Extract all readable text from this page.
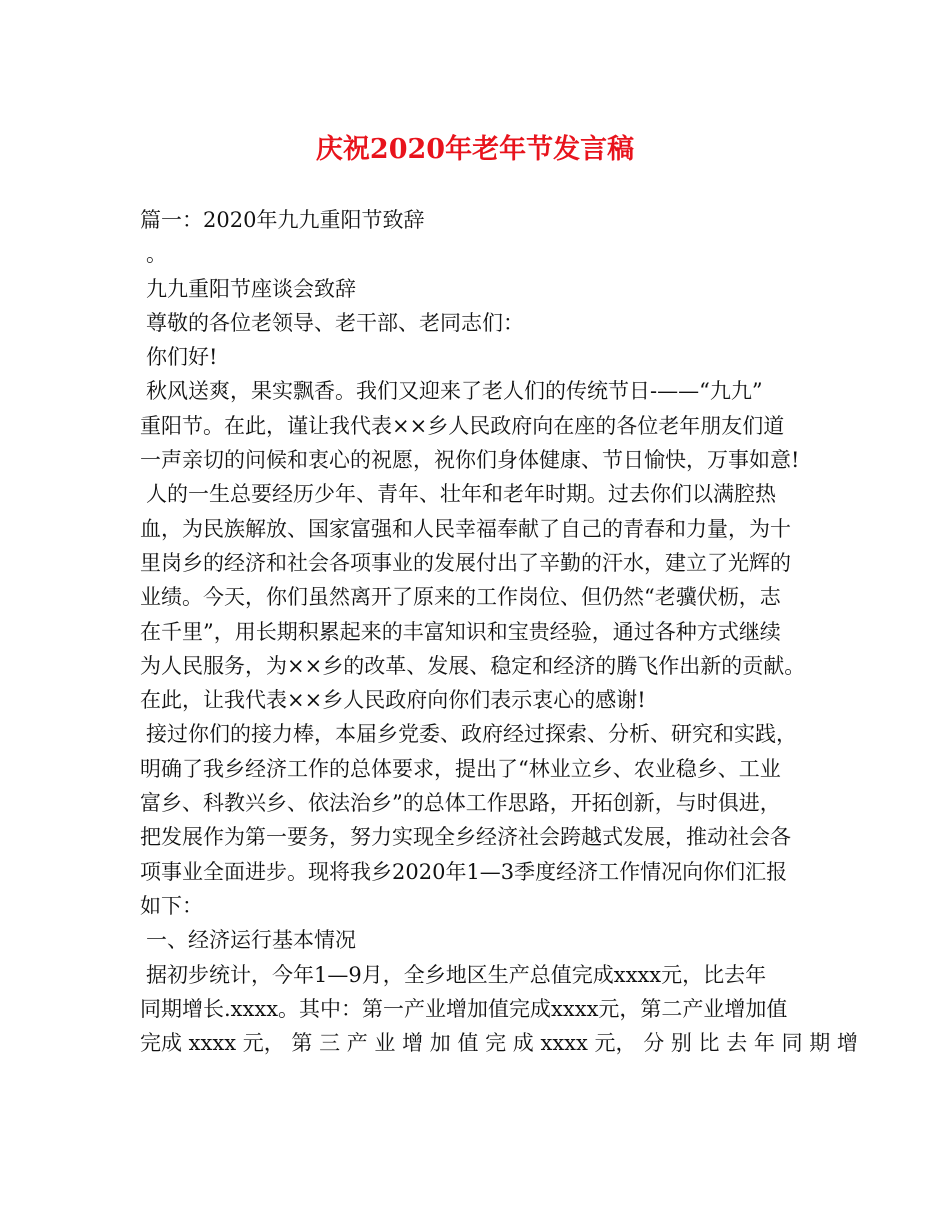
庆祝2020年老年节发言稿
篇一：2020年九九重阳节致辞
。
九九重阳节座谈会致辞
尊敬的各位老领导、老干部、老同志们：
你们好!
秋风送爽，果实飘香。我们又迎来了老人们的传统节日-——“九九”
重阳节。在此，谨让我代表××乡人民政府向在座的各位老年朋友们道
一声亲切的问候和衷心的祝愿，祝你们身体健康、节日愉快，万事如意!
人的一生总要经历少年、青年、壮年和老年时期。过去你们以满腔热
血，为民族解放、国家富强和人民幸福奉献了自己的青春和力量，为十
里岗乡的经济和社会各项事业的发展付出了辛勤的汗水，建立了光辉的
业绩。今天，你们虽然离开了原来的工作岗位、但仍然“老骥伏枥，志
在千里”，用长期积累起来的丰富知识和宝贵经验，通过各种方式继续
为人民服务，为××乡的改革、发展、稳定和经济的腾飞作出新的贡献。
在此，让我代表××乡人民政府向你们表示衷心的感谢!
接过你们的接力棒，本届乡党委、政府经过探索、分析、研究和实践，
明确了我乡经济工作的总体要求，提出了“林业立乡、农业稳乡、工业
富乡、科教兴乡、依法治乡”的总体工作思路，开拓创新，与时俱进，
把发展作为第一要务，努力实现全乡经济社会跨越式发展，推动社会各
项事业全面进步。现将我乡2020年1—3季度经济工作情况向你们汇报
如下：
一、经济运行基本情况
据初步统计，今年1—9月，全乡地区生产总值完成xxxx元，比去年
同期增长.xxxx。其中：第一产业增加值完成xxxx元，第二产业增加值
完成 xxxx 元， 第 三 产 业 增 加 值 完 成 xxxx 元， 分 别 比 去 年 同 期 增
